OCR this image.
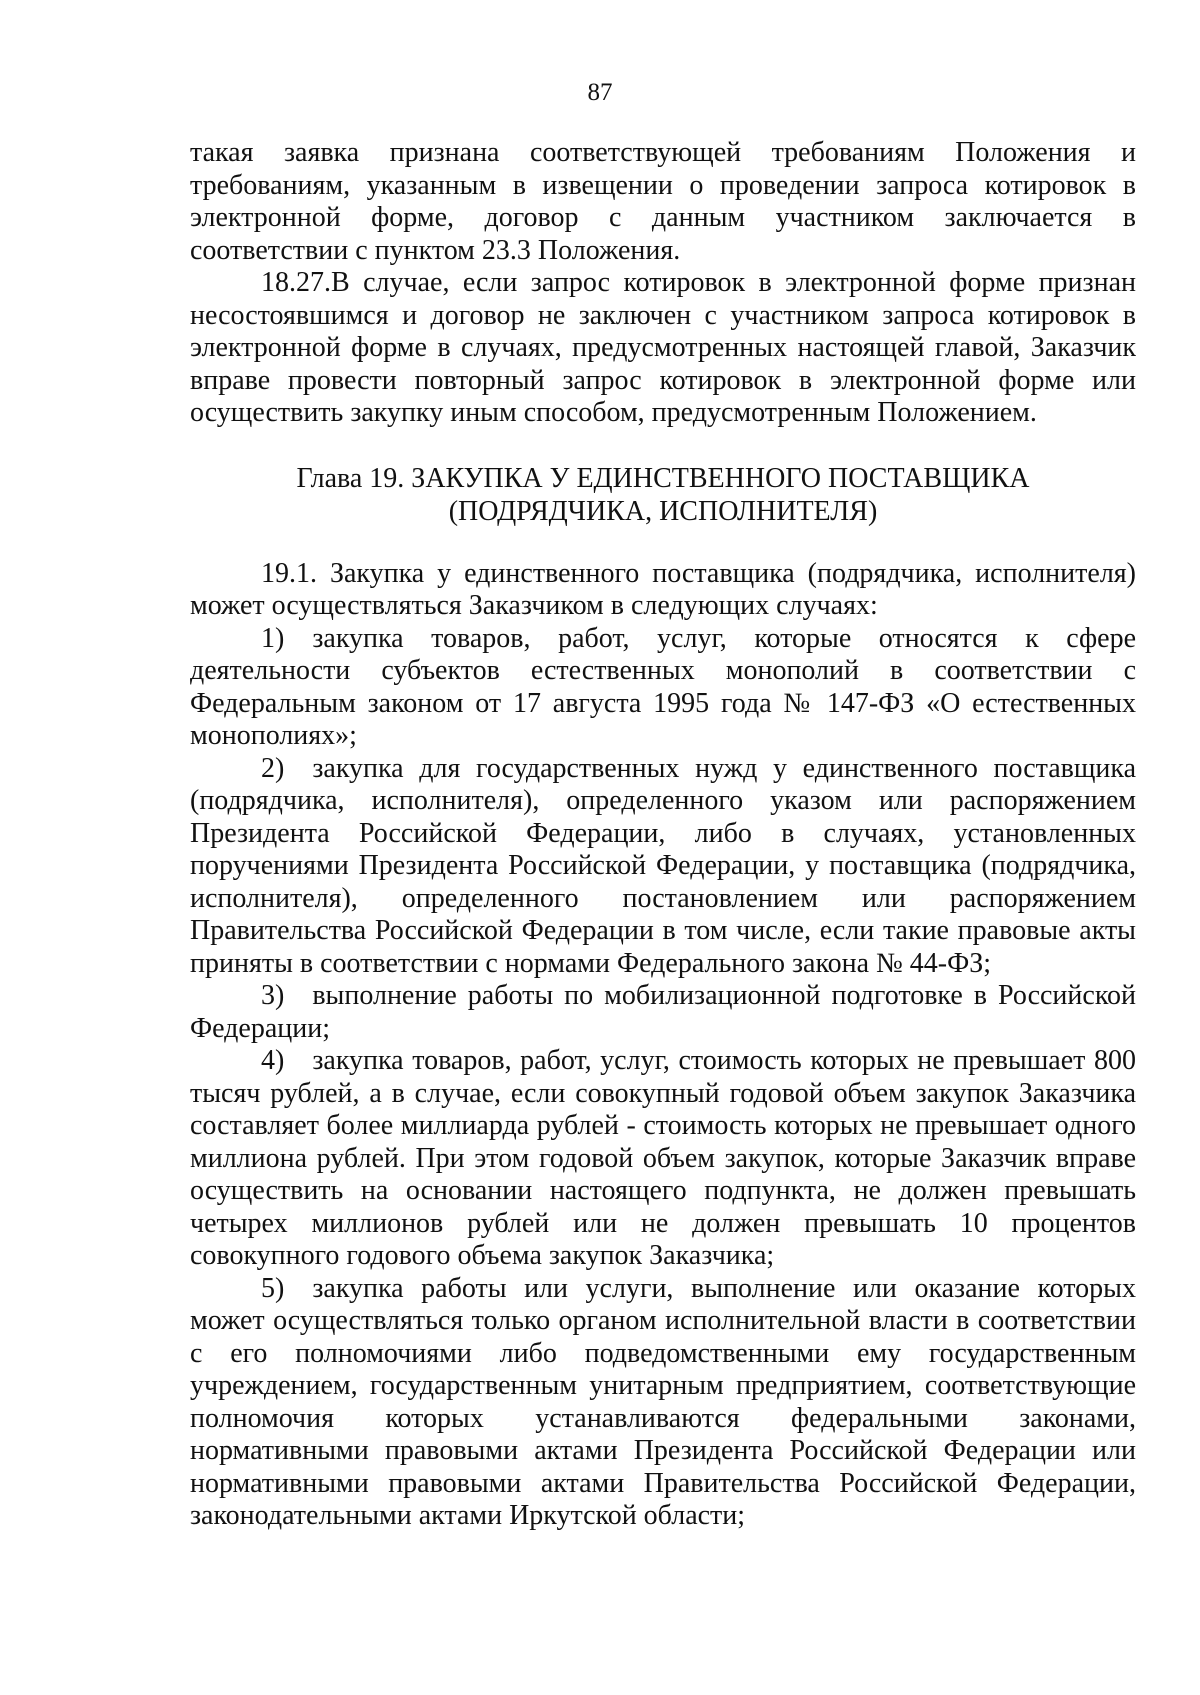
87

такая заявка признана соответствующей требованиям Положения и требованиям, указанным в извещении о проведении запроса котировок в электронной форме, договор с данным участником заключается в соответствии с пунктом 23.3 Положения.

18.27.В случае, если запрос котировок в электронной форме признан несостоявшимся и договор не заключен с участником запроса котировок в электронной форме в случаях, предусмотренных настоящей главой, Заказчик вправе провести повторный запрос котировок в электронной форме или осуществить закупку иным способом, предусмотренным Положением.

Глава 19. ЗАКУПКА У ЕДИНСТВЕННОГО ПОСТАВЩИКА
(ПОДРЯДЧИКА, ИСПОЛНИТЕЛЯ)

19.1. Закупка у единственного поставщика (подрядчика, исполнителя) может осуществляться Заказчиком в следующих случаях:

1) закупка товаров, работ, услуг, которые относятся к сфере деятельности субъектов естественных монополий в соответствии с Федеральным законом от 17 августа 1995 года № 147-ФЗ «О естественных монополиях»;

2) закупка для государственных нужд у единственного поставщика (подрядчика, исполнителя), определенного указом или распоряжением Президента Российской Федерации, либо в случаях, установленных поручениями Президента Российской Федерации, у поставщика (подрядчика, исполнителя), определенного постановлением или распоряжением Правительства Российской Федерации в том числе, если такие правовые акты приняты в соответствии с нормами Федерального закона № 44-ФЗ;

3) выполнение работы по мобилизационной подготовке в Российской Федерации;

4) закупка товаров, работ, услуг, стоимость которых не превышает 800 тысяч рублей, а в случае, если совокупный годовой объем закупок Заказчика составляет более миллиарда рублей - стоимость которых не превышает одного миллиона рублей. При этом годовой объем закупок, которые Заказчик вправе осуществить на основании настоящего подпункта, не должен превышать четырех миллионов рублей или не должен превышать 10 процентов совокупного годового объема закупок Заказчика;

5) закупка работы или услуги, выполнение или оказание которых может осуществляться только органом исполнительной власти в соответствии с его полномочиями либо подведомственными ему государственным учреждением, государственным унитарным предприятием, соответствующие полномочия которых устанавливаются федеральными законами, нормативными правовыми актами Президента Российской Федерации или нормативными правовыми актами Правительства Российской Федерации, законодательными актами Иркутской области;
